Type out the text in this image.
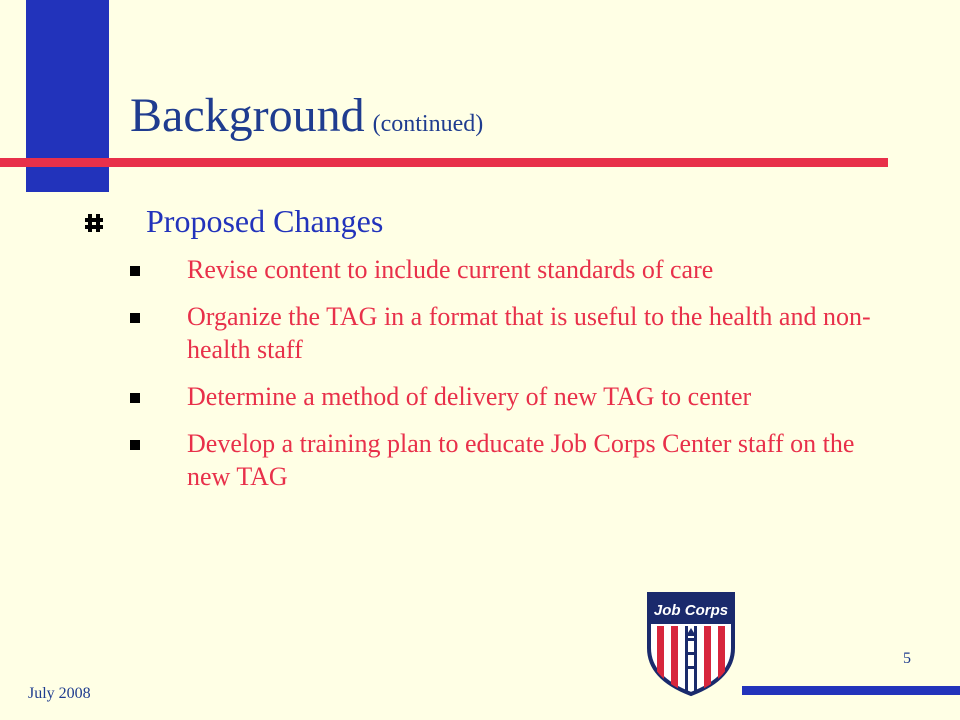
Background (continued)
Proposed Changes
Revise content to include current standards of care
Organize the TAG in a format that is useful to the health and non-health staff
Determine a method of delivery of new TAG to center
Develop a training plan to educate Job Corps Center staff on the new TAG
July 2008
5
Job Corps
